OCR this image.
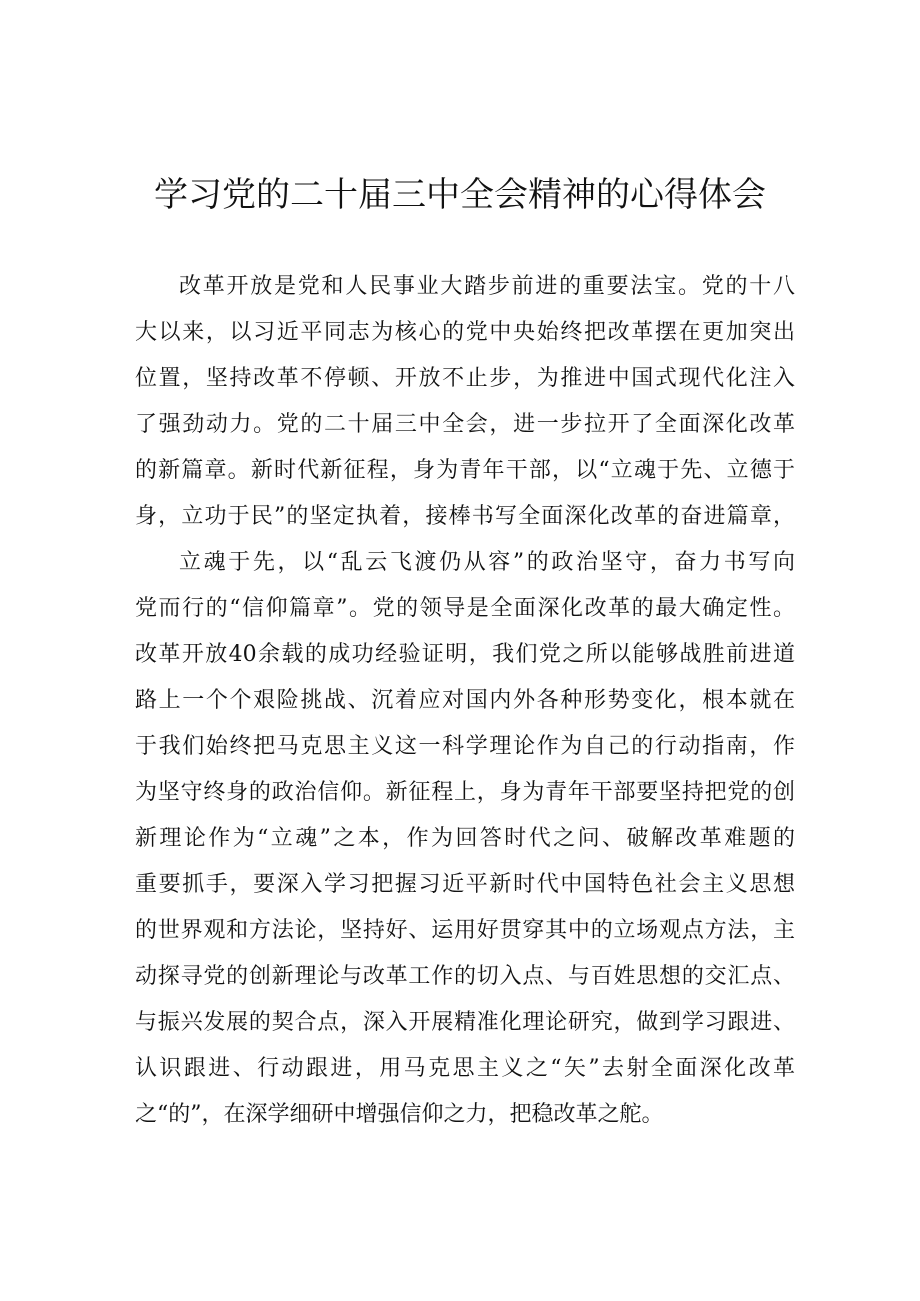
学习党的二十届三中全会精神的心得体会
改革开放是党和人民事业大踏步前进的重要法宝。党的十八
大以来，以习近平同志为核心的党中央始终把改革摆在更加突出
位置，坚持改革不停顿、开放不止步，为推进中国式现代化注入
了强劲动力。党的二十届三中全会，进一步拉开了全面深化改革
的新篇章。新时代新征程，身为青年干部，以“立魂于先、立德于
身，立功于民”的坚定执着，接棒书写全面深化改革的奋进篇章，
立魂于先，以“乱云飞渡仍从容”的政治坚守，奋力书写向
党而行的“信仰篇章”。党的领导是全面深化改革的最大确定性。
改革开放40余载的成功经验证明，我们党之所以能够战胜前进道
路上一个个艰险挑战、沉着应对国内外各种形势变化，根本就在
于我们始终把马克思主义这一科学理论作为自己的行动指南，作
为坚守终身的政治信仰。新征程上，身为青年干部要坚持把党的创
新理论作为“立魂”之本，作为回答时代之问、破解改革难题的
重要抓手，要深入学习把握习近平新时代中国特色社会主义思想
的世界观和方法论，坚持好、运用好贯穿其中的立场观点方法，主
动探寻党的创新理论与改革工作的切入点、与百姓思想的交汇点、
与振兴发展的契合点，深入开展精准化理论研究，做到学习跟进、
认识跟进、行动跟进，用马克思主义之“矢”去射全面深化改革
之“的”，在深学细研中增强信仰之力，把稳改革之舵。
